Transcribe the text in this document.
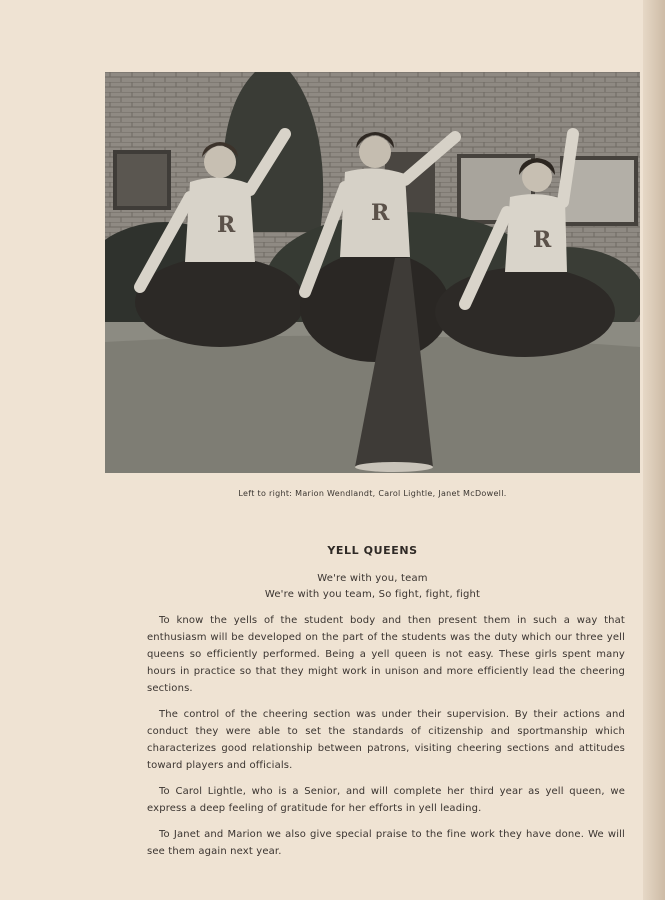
R	R
R
Left to right: Marion Wendlandt, Carol Lightle, Janet McDowell.
YELL QUEENS
We're with you, team
We're with you team, So fight, fight, fight

To know the yells of the student body and then present them in such a way that enthusiasm will be developed on the part of the students was the duty which our three yell queens so efficiently performed. Being a yell queen is not easy. These girls spent many hours in practice so that they might work in unison and more efficiently lead the cheering sections.

The control of the cheering section was under their supervision. By their actions and conduct they were able to set the standards of citizenship and sportmanship which characterizes good relationship between patrons, visiting cheering sections and attitudes toward players and officials.

To Carol Lightle, who is a Senior, and will complete her third year as yell queen, we express a deep feeling of gratitude for her efforts in yell leading.

To Janet and Marion we also give special praise to the fine work they have done. We will see them again next year.
